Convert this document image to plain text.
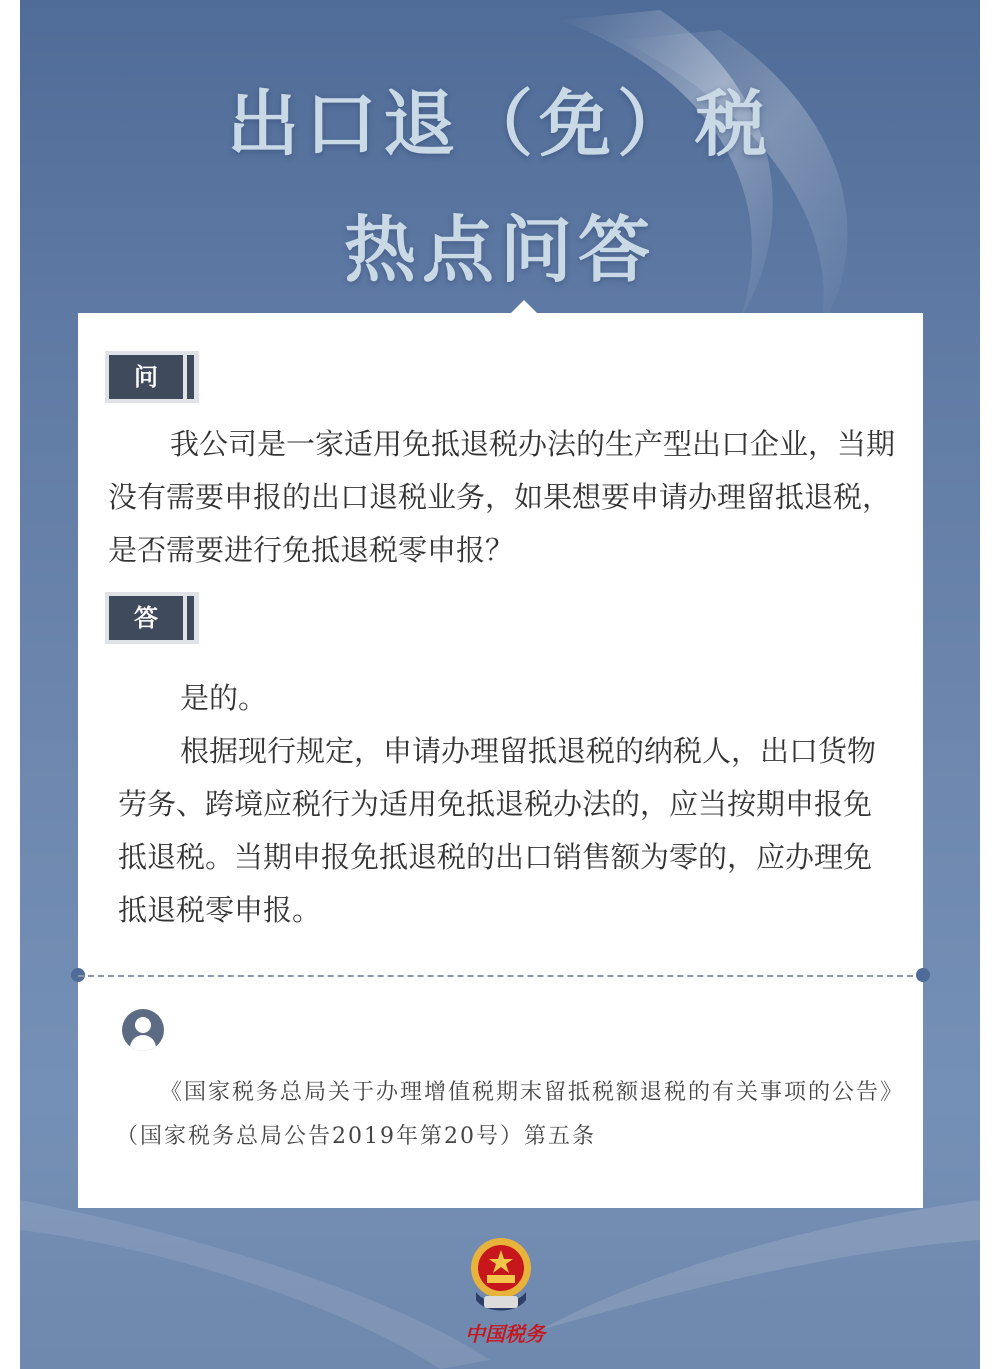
出口退（免）税
热点问答
问
我公司是一家适用免抵退税办法的生产型出口企业，当期没有需要申报的出口退税业务，如果想要申请办理留抵退税，是否需要进行免抵退税零申报？
答
是的。
根据现行规定，申请办理留抵退税的纳税人，出口货物劳务、跨境应税行为适用免抵退税办法的，应当按期申报免抵退税。当期申报免抵退税的出口销售额为零的，应办理免抵退税零申报。
《国家税务总局关于办理增值税期末留抵税额退税的有关事项的公告》（国家税务总局公告2019年第20号）第五条
中国税务
